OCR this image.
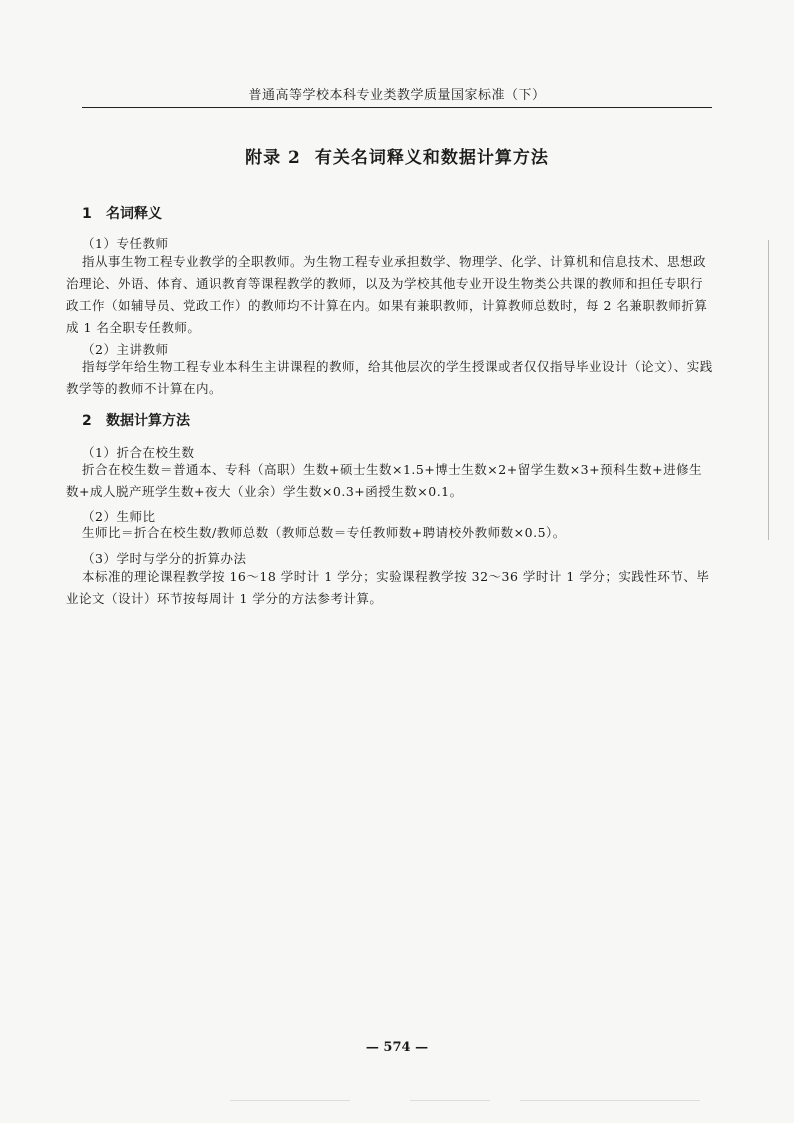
普通高等学校本科专业类教学质量国家标准（下）
附录 2 有关名词释义和数据计算方法
1 名词释义
（1）专任教师
指从事生物工程专业教学的全职教师。为生物工程专业承担数学、物理学、化学、计算机和信息技术、思想政治理论、外语、体育、通识教育等课程教学的教师，以及为学校其他专业开设生物类公共课的教师和担任专职行政工作（如辅导员、党政工作）的教师均不计算在内。如果有兼职教师，计算教师总数时，每 2 名兼职教师折算成 1 名全职专任教师。
（2）主讲教师
指每学年给生物工程专业本科生主讲课程的教师，给其他层次的学生授课或者仅仅指导毕业设计（论文）、实践教学等的教师不计算在内。
2 数据计算方法
（1）折合在校生数
折合在校生数＝普通本、专科（高职）生数+硕士生数×1.5+博士生数×2+留学生数×3+预科生数+进修生数+成人脱产班学生数+夜大（业余）学生数×0.3+函授生数×0.1。
（2）生师比
生师比＝折合在校生数/教师总数（教师总数＝专任教师数+聘请校外教师数×0.5）。
（3）学时与学分的折算办法
本标准的理论课程教学按 16～18 学时计 1 学分；实验课程教学按 32～36 学时计 1 学分；实践性环节、毕业论文（设计）环节按每周计 1 学分的方法参考计算。
— 574 —
